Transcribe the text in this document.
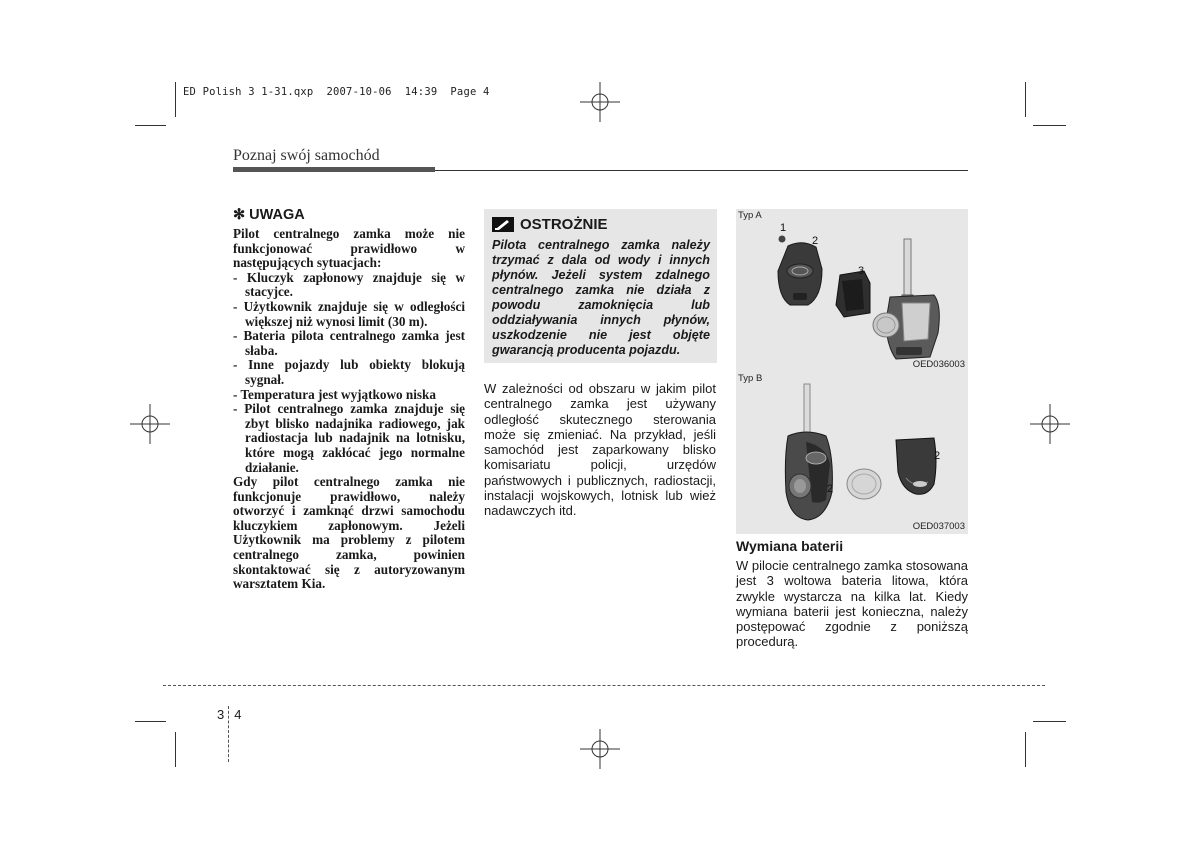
ED Polish 3 1-31.qxp 2007-10-06 14:39 Page 4
Poznaj swój samochód
✻ UWAGA

Pilot centralnego zamka może nie funkcjonować prawidłowo w następujących sytuacjach:

- Kluczyk zapłonowy znajduje się w stacyjce.
- Użytkownik znajduje się w odległości większej niż wynosi limit (30 m).
- Bateria pilota centralnego zamka jest słaba.
- Inne pojazdy lub obiekty blokują sygnał.
- Temperatura jest wyjątkowo niska
- Pilot centralnego zamka znajduje się zbyt blisko nadajnika radiowego, jak radiostacja lub nadajnik na lotnisku, które mogą zakłócać jego normalne działanie.

Gdy pilot centralnego zamka nie funkcjonuje prawidłowo, należy otworzyć i zamknąć drzwi samochodu kluczykiem zapłonowym. Jeżeli Użytkownik ma problemy z pilotem centralnego zamka, powinien skontaktować się z autoryzowanym warsztatem Kia.

OSTROŻNIE
Pilota centralnego zamka należy trzymać z dala od wody i innych płynów. Jeżeli system zdalnego centralnego zamka nie działa z powodu zamoknięcia lub oddziaływania innych płynów, uszkodzenie nie jest objęte gwarancją producenta pojazdu.
W zależności od obszaru w jakim pilot centralnego zamka jest używany odległość skutecznego sterowania może się zmieniać. Na przykład, jeśli samochód jest zaparkowany blisko komisariatu policji, urzędów państwowych i publicznych, radiostacji, instalacji wojskowych, lotnisk lub wież nadawczych itd.
Typ A
1
2
3
OED036003
Typ B
2
2
OED037003
Wymiana baterii
W pilocie centralnego zamka stosowana jest 3 woltowa bateria litowa, która zwykle wystarcza na kilka lat. Kiedy wymiana baterii jest konieczna, należy postępować zgodnie z poniższą procedurą.
3 4
